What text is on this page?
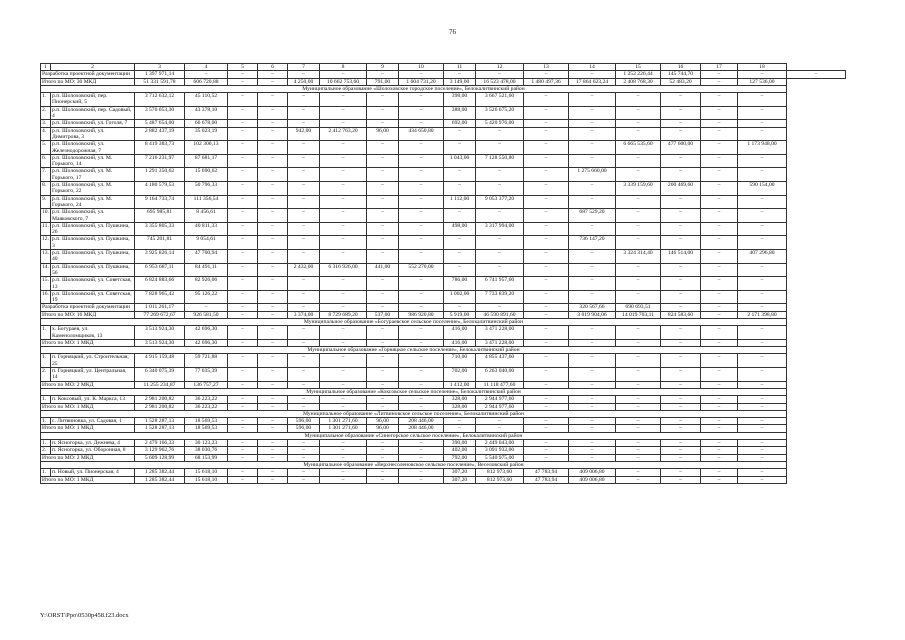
76
1	2	3	4	5	6	7	8	9	10	11	12	13	14	15	16	17	18	
Разработка проектной документации		1 397 971,14	–	–	–	–	–	–	–	–	–	–	–	1 252 226,44	145 744,70	–	–	–
Итого по МО: 30 МКД		51 331 591,78	606 720,88	–	–	4 250,00	10 662 753,60	791,00	1 604 731,20	3 149,00	16 523 478,00	1 480 497,36	17 864 623,24	2 408 768,30	52 483,20	–	127 536,00	
Муниципальное образование «Шолоховское городское поселение», Белокалитвинский район																		
1.	р.п. Шолоховский, пер. Пионерский, 5	3 712 632,12	45 110,52	–	–	–	–	–	–	398,00	3 667 521,60	–	–	–	–	–	–	
2.	р.п. Шолоховский, пер. Садовый, 4	3 570 053,30	43 378,10	–	–	–	–	–	–	388,00	3 526 675,20	–	–	–	–	–	–	
3.	р.п. Шолоховский, ул. Гоголя, 7	5 487 654,00	66 678,00	–	–	–	–	–	–	692,00	5 420 976,00	–	–	–	–	–	–	
4.	р.п. Шолоховский, ул. Димитрова, 3	2 882 437,19	35 023,19	–	–	942,00	2 412 763,20	96,00	434 650,80	–	–	–	–	–	–	–	–	
5.	р.п. Шолоховский, ул. Железнодорожная, 7	8 419 383,73	102 300,13	–	–	–	–	–	–	–	–	–	–	6 665 535,60	477 600,00	–	1 173 948,00	
6.	р.п. Шолоховский, ул. М. Горького, 14	7 216 231,97	87 681,17	–	–	–	–	–	–	1 043,00	7 128 550,80	–	–	–	–	–	–	
7.	р.п. Шолоховский, ул. М. Горького, 17	1 291 350,62	15 690,62	–	–	–	–	–	–	–	–	–	1 275 660,00	–	–	–	–	
8.	р.п. Шолоховский, ул. М. Горького, 22	4 180 579,53	50 796,33	–	–	–	–	–	–	–	–	–	–	3 339 159,60	200 469,60	–	590 154,00	
9.	р.п. Шолоховский, ул. М. Горького, 24	9 164 733,74	111 356,54	–	–	–	–	–	–	1 112,00	9 053 377,20	–	–	–	–	–	–	
10.	р.п. Шолоховский, ул. Маяковского, 7	695 985,81	8 456,61	–	–	–	–	–	–	–	–	–	687 529,20	–	–	–	–	
11.	р.п. Шолоховский, ул. Пушкина, 26	3 355 805,33	40 811,33	–	–	–	–	–	–	498,00	3 317 994,00	–	–	–	–	–	–	
12.	р.п. Шолоховский, ул. Пушкина, 3	745 201,81	9 054,61	–	–	–	–	–	–	–	–	–	736 147,20	–	–	–	–	
13.	р.п. Шолоховский, ул. Пушкина, 40	3 925 826,14	47 700,94	–	–	–	–	–	–	–	–	–	–	3 324 314,40	146 514,00	–	407 296,80	
14.	р.п. Шолоховский, ул. Пушкина, 56	6 953 687,11	84 491,11	–	–	2 432,00	6 316 926,00	441,00	552 270,00	–	–	–	–	–	–	–	–	
15.	р.п. Шолоховский, ул. Советская, 13	6 824 883,66	82 926,06	–	–	–	–	–	–	786,00	6 741 957,60	–	–	–	–	–	–	
16.	р.п. Шолоховский, ул. Советская, 19	7 828 965,42	95 126,22	–	–	–	–	–	–	1 002,00	7 733 839,20	–	–	–	–	–	–	
Разработка проектной документации		1 011 261,17	–	–	–	–	–	–	–	–	–	–	320 567,66	690 693,51	–	–	–	
Итого по МО: 16 МКД		77 269 672,67	926 581,50	–	–	3 374,00	8 729 689,20	537,00	986 920,80	5 919,00	46 590 891,60	–	3 019 904,06	14 019 703,11	824 583,60	–	2 171 398,80	
Муниципальное образование «Богураевское сельское поселение», Белокалитвинский район																		
1.	х. Богураев, ул. Каменоломщиков, 13	3 513 924,30	42 696,30	–	–	–	–	–	–	416,00	3 471 228,00	–	–	–	–	–	–	
Итого по МО: 1 МКД		3 513 924,30	42 696,30	–	–	–	–	–	–	416,00	3 471 228,00	–	–	–	–	–	–	
Муниципальное образование «Горняцкое сельское поселение», Белокалитвинский район																		
1.	п. Горняцкий, ул. Строительная, 25	4 915 159,48	59 721,88	–	–	–	–	–	–	710,00	4 855 437,60	–	–	–	–	–	–	
2.	п. Горняцкий, ул. Центральная, 14	6 340 075,39	77 035,39	–	–	–	–	–	–	702,00	6 263 040,00	–	–	–	–	–	–	
Итого по МО: 2 МКД		11 255 234,87	136 757,27	–	–	–	–	–	–	1 412,00	11 118 477,60	–	–	–	–	–	–	
Муниципальное образование «Коксовское сельское поселение», Белокалитвинский район																		
1.	п. Коксовый, ул. К. Маркса, 13	2 981 200,82	36 223,22	–	–	–	–	–	–	328,00	2 944 977,60	–	–	–	–	–	–	
Итого по МО: 1 МКД		2 981 200,82	36 223,22	–	–	–	–	–	–	328,00	2 944 977,60	–	–	–	–	–	–	
Муниципальное образование «Литвиновское сельское поселение», Белокалитвинский район																		
1.	с. Литвиновка, ул. Садовая, 1	1 528 287,13	18 569,53	–	–	596,00	1 301 271,60	96,00	208 446,00	–	–	–	–	–	–	–	–	
Итого по МО: 1 МКД		1 528 287,13	18 569,53	–	–	596,00	1 301 271,60	96,00	208 446,00	–	–	–	–	–	–	–	–	
Муниципальное образование «Синегорское сельское поселение», Белокалитвинский район																		
1.	п. Ясногорка, ул. Дежнева, 4	2 479 166,33	30 123,23	–	–	–	–	–	–	390,00	2 449 043,00	–	–	–	–	–	–	
2.	п. Ясногорка, ул. Оборонная, 8	3 129 962,76	38 030,76	–	–	–	–	–	–	402,00	3 091 932,00	–	–	–	–	–	–	
Итого по МО: 2 МКД		5 609 128,99	68 153,99	–	–	–	–	–	–	792,00	5 540 975,00	–	–	–	–	–	–	
Муниципальное образование «Верхнесоленовское сельское поселение», Веселовский район																		
1.	п. Новый, ул. Пионерская, 4	1 285 382,44	15 618,10	–	–	–	–	–	–	307,20	812 973,60	47 783,94	409 006,80	–	–	–	–	
Итого по МО: 1 МКД		1 285 382,44	15 618,10	–	–	–	–	–	–	307,20	812 973,60	47 783,94	409 006,80	–	–	–	–	
Y:\ORST\Ppo\0530p458.f23.docx
